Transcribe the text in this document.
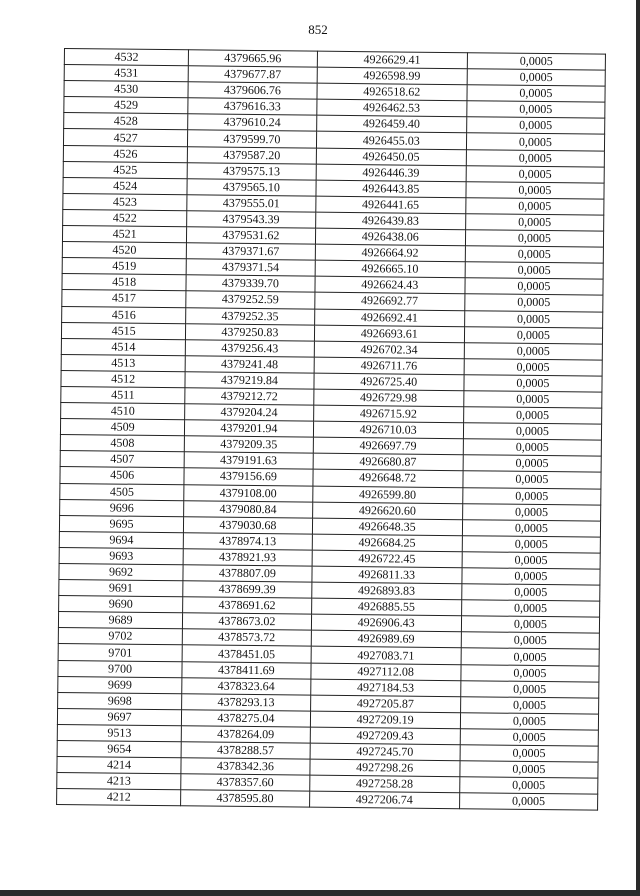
852
4532	4379665.96	4926629.41	0,0005
4531	4379677.87	4926598.99	0,0005
4530	4379606.76	4926518.62	0,0005
4529	4379616.33	4926462.53	0,0005
4528	4379610.24	4926459.40	0,0005
4527	4379599.70	4926455.03	0,0005
4526	4379587.20	4926450.05	0,0005
4525	4379575.13	4926446.39	0,0005
4524	4379565.10	4926443.85	0,0005
4523	4379555.01	4926441.65	0,0005
4522	4379543.39	4926439.83	0,0005
4521	4379531.62	4926438.06	0,0005
4520	4379371.67	4926664.92	0,0005
4519	4379371.54	4926665.10	0,0005
4518	4379339.70	4926624.43	0,0005
4517	4379252.59	4926692.77	0,0005
4516	4379252.35	4926692.41	0,0005
4515	4379250.83	4926693.61	0,0005
4514	4379256.43	4926702.34	0,0005
4513	4379241.48	4926711.76	0,0005
4512	4379219.84	4926725.40	0,0005
4511	4379212.72	4926729.98	0,0005
4510	4379204.24	4926715.92	0,0005
4509	4379201.94	4926710.03	0,0005
4508	4379209.35	4926697.79	0,0005
4507	4379191.63	4926680.87	0,0005
4506	4379156.69	4926648.72	0,0005
4505	4379108.00	4926599.80	0,0005
9696	4379080.84	4926620.60	0,0005
9695	4379030.68	4926648.35	0,0005
9694	4378974.13	4926684.25	0,0005
9693	4378921.93	4926722.45	0,0005
9692	4378807.09	4926811.33	0,0005
9691	4378699.39	4926893.83	0,0005
9690	4378691.62	4926885.55	0,0005
9689	4378673.02	4926906.43	0,0005
9702	4378573.72	4926989.69	0,0005
9701	4378451.05	4927083.71	0,0005
9700	4378411.69	4927112.08	0,0005
9699	4378323.64	4927184.53	0,0005
9698	4378293.13	4927205.87	0,0005
9697	4378275.04	4927209.19	0,0005
9513	4378264.09	4927209.43	0,0005
9654	4378288.57	4927245.70	0,0005
4214	4378342.36	4927298.26	0,0005
4213	4378357.60	4927258.28	0,0005
4212	4378595.80	4927206.74	0,0005
